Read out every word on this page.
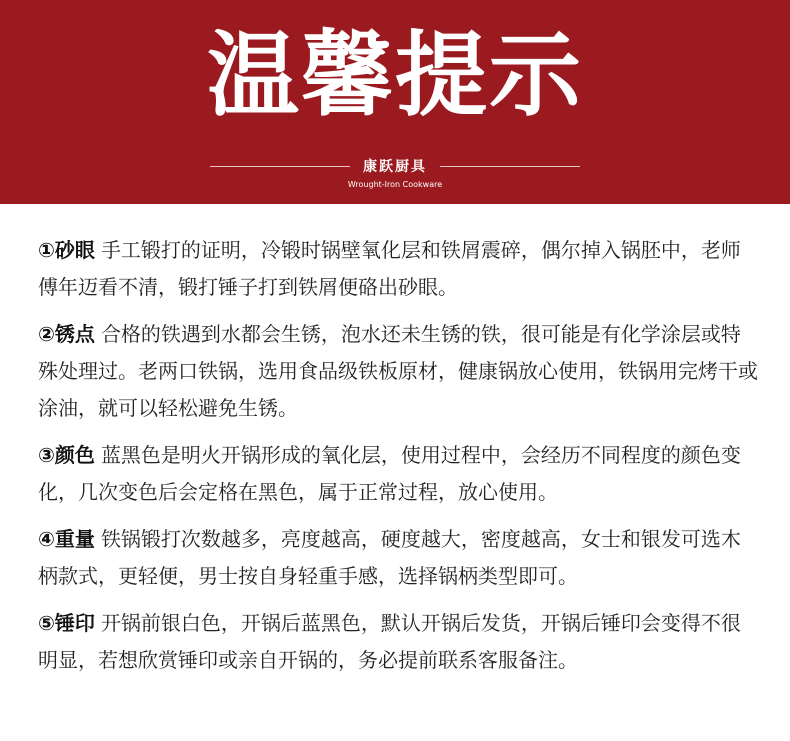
温馨提示
康跃厨具
Wrought-Iron Cookware

①砂眼 手工锻打的证明，冷锻时锅壁氧化层和铁屑震碎，偶尔掉入锅胚中，老师傅年迈看不清，锻打锤子打到铁屑便硌出砂眼。

②锈点 合格的铁遇到水都会生锈，泡水还未生锈的铁，很可能是有化学涂层或特殊处理过。老两口铁锅，选用食品级铁板原材，健康锅放心使用，铁锅用完烤干或涂油，就可以轻松避免生锈。

③颜色 蓝黑色是明火开锅形成的氧化层，使用过程中，会经历不同程度的颜色变化，几次变色后会定格在黑色，属于正常过程，放心使用。

④重量 铁锅锻打次数越多，亮度越高，硬度越大，密度越高，女士和银发可选木柄款式，更轻便，男士按自身轻重手感，选择锅柄类型即可。

⑤锤印 开锅前银白色，开锅后蓝黑色，默认开锅后发货，开锅后锤印会变得不很明显，若想欣赏锤印或亲自开锅的，务必提前联系客服备注。
